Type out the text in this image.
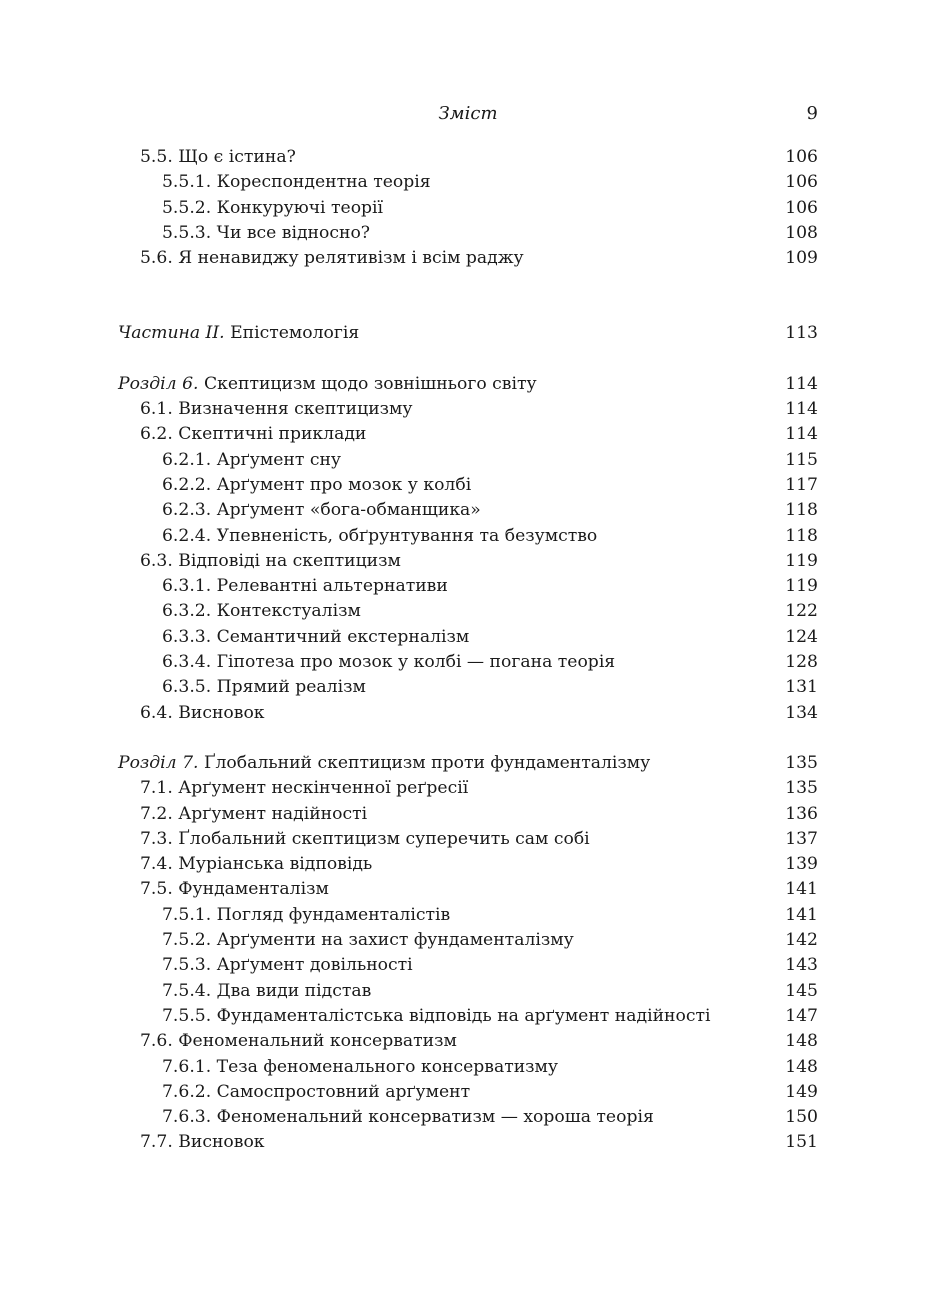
Зміст	9
5.5. Що є істина?	106
5.5.1. Кореспондентна теорія	106
5.5.2. Конкуруючі теорії	106
5.5.3. Чи все відносно?	108
5.6. Я ненавиджу релятивізм і всім раджу	109
Частина ІІ. Епістемологія	113
Розділ 6. Скептицизм щодо зовнішнього світу	114
6.1. Визначення скептицизму	114
6.2. Скептичні приклади	114
6.2.1. Арґумент сну	115
6.2.2. Арґумент про мозок у колбі	117
6.2.3. Арґумент «бога-обманщика»	118
6.2.4. Упевненість, обґрунтування та безумство	118
6.3. Відповіді на скептицизм	119
6.3.1. Релевантні альтернативи	119
6.3.2. Контекстуалізм	122
6.3.3. Семантичний екстерналізм	124
6.3.4. Гіпотеза про мозок у колбі — погана теорія	128
6.3.5. Прямий реалізм	131
6.4. Висновок	134
Розділ 7. Ґлобальний скептицизм проти фундаменталізму	135
7.1. Арґумент нескінченної реґресії	135
7.2. Арґумент надійності	136
7.3. Ґлобальний скептицизм суперечить сам собі	137
7.4. Муріанська відповідь	139
7.5. Фундаменталізм	141
7.5.1. Погляд фундаменталістів	141
7.5.2. Арґументи на захист фундаменталізму	142
7.5.3. Арґумент довільності	143
7.5.4. Два види підстав	145
7.5.5. Фундаменталістська відповідь на арґумент надійності	147
7.6. Феноменальний консерватизм	148
7.6.1. Теза феноменального консерватизму	148
7.6.2. Самоспростовний арґумент	149
7.6.3. Феноменальний консерватизм — хороша теорія	150
7.7. Висновок	151
